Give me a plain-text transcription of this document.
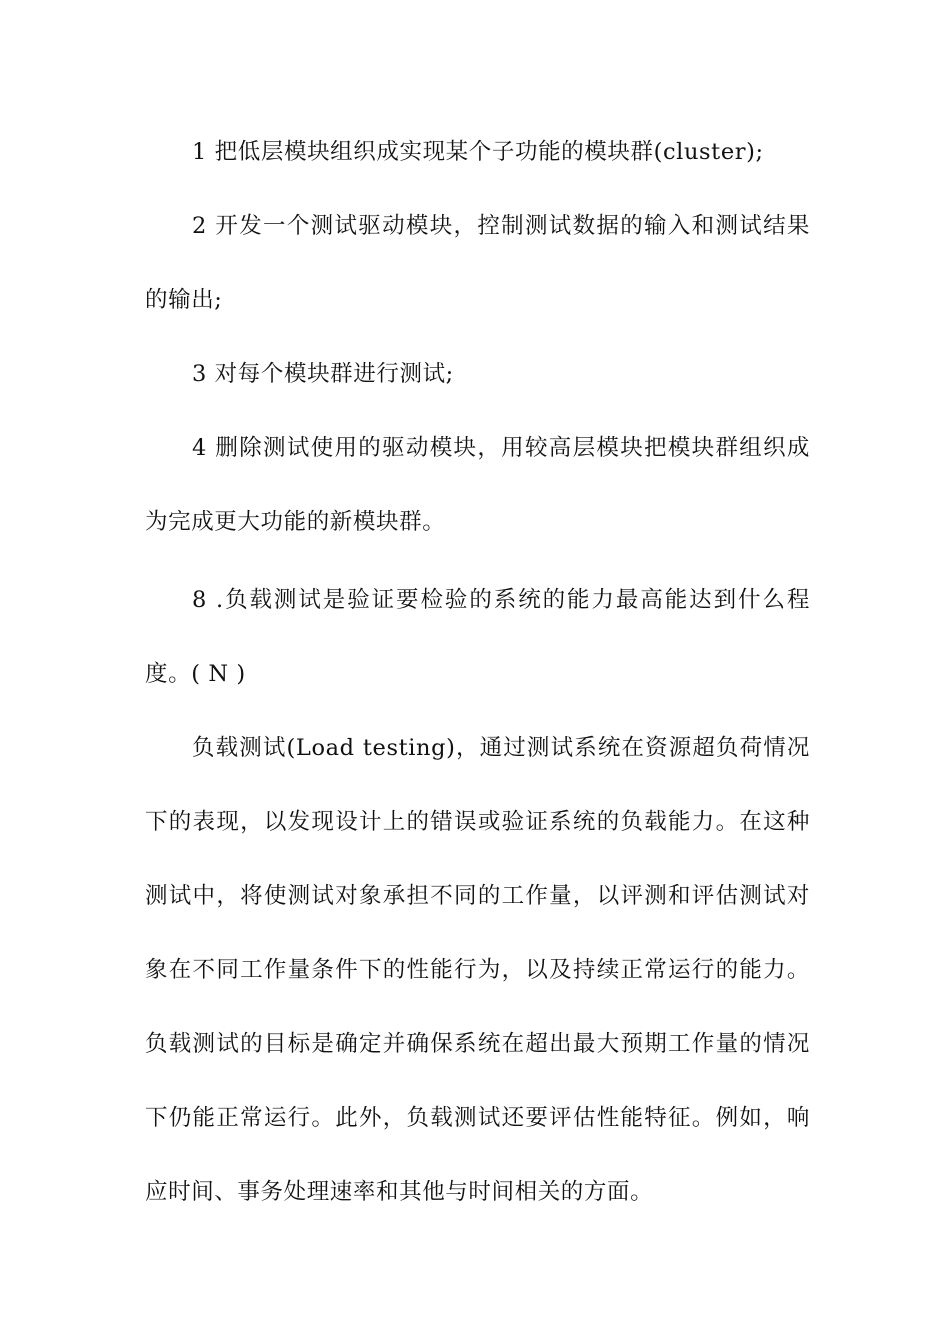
1 把低层模块组织成实现某个子功能的模块群(cluster);

2 开发一个测试驱动模块，控制测试数据的输入和测试结果的输出;

3 对每个模块群进行测试;

4 删除测试使用的驱动模块，用较高层模块把模块群组织成为完成更大功能的新模块群。

8 .负载测试是验证要检验的系统的能力最高能达到什么程度。( N )

负载测试(Load testing)，通过测试系统在资源超负荷情况下的表现，以发现设计上的错误或验证系统的负载能力。在这种测试中，将使测试对象承担不同的工作量，以评测和评估测试对象在不同工作量条件下的性能行为，以及持续正常运行的能力。负载测试的目标是确定并确保系统在超出最大预期工作量的情况下仍能正常运行。此外，负载测试还要评估性能特征。例如，响应时间、事务处理速率和其他与时间相关的方面。
